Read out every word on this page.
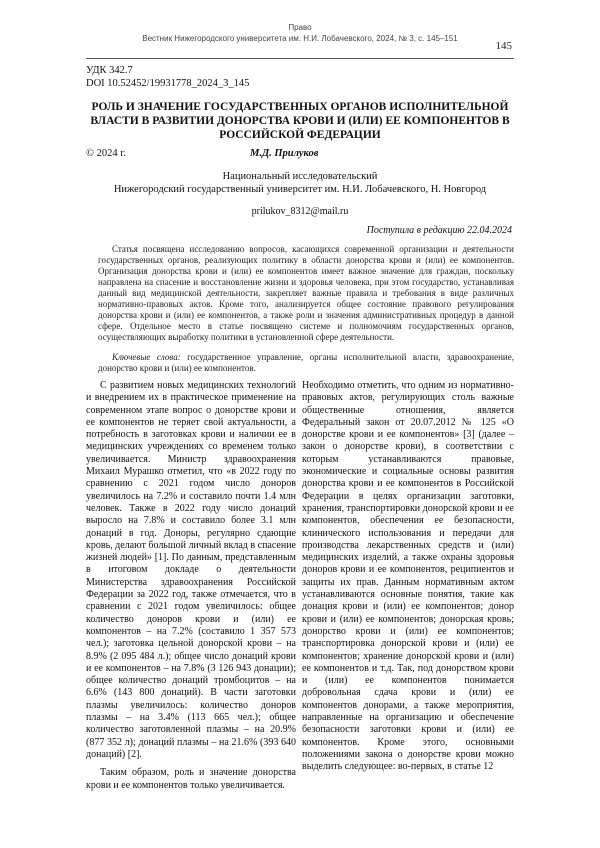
Право
Вестник Нижегородского университета им. Н.И. Лобачевского, 2024, № 3, с. 145–151
145
УДК 342.7
DOI 10.52452/19931778_2024_3_145
РОЛЬ И ЗНАЧЕНИЕ ГОСУДАРСТВЕННЫХ ОРГАНОВ ИСПОЛНИТЕЛЬНОЙ ВЛАСТИ В РАЗВИТИИ ДОНОРСТВА КРОВИ И (ИЛИ) ЕЕ КОМПОНЕНТОВ В РОССИЙСКОЙ ФЕДЕРАЦИИ
© 2024 г.	М.Д. Прилуков
Национальный исследовательский
Нижегородский государственный университет им. Н.И. Лобачевского, Н. Новгород
prilukov_8312@mail.ru
Поступила в редакцию 22.04.2024
Статья посвящена исследованию вопросов, касающихся современной организации и деятельности государственных органов, реализующих политику в области донорства крови и (или) ее компонентов. Организация донорства крови и (или) ее компонентов имеет важное значение для граждан, поскольку направлена на спасение и восстановление жизни и здоровья человека, при этом государство, устанавливая данный вид медицинской деятельности, закрепляет важные правила и требования в виде различных нормативно-правовых актов. Кроме того, анализируется общее состояние правового регулирования донорства крови и (или) ее компонентов, а также роли и значения административных процедур в данной сфере. Отдельное место в статье посвящено системе и полномочиям государственных органов, осуществляющих выработку политики в установленной сфере деятельности.
Ключевые слова: государственное управление, органы исполнительной власти, здравоохранение, донорство крови и (или) ее компонентов.

С развитием новых медицинских технологий и внедрением их в практическое применение на современном этапе вопрос о донорстве крови и ее компонентов не теряет свой актуальности, а потребность в заготовках крови и наличии ее в медицинских учреждениях со временем только увеличивается. Министр здравоохранения Михаил Мурашко отметил, что «в 2022 году по сравнению с 2021 годом число доноров увеличилось на 7.2% и составило почти 1.4 млн человек. Также в 2022 году число донаций выросло на 7.8% и составило более 3.1 млн донаций в год. Доноры, регулярно сдающие кровь, делают большой личный вклад в спасение жизней людей» [1]. По данным, представленным в итоговом докладе о деятельности Министерства здравоохранения Российской Федерации за 2022 год, также отмечается, что в сравнении с 2021 годом увеличилось: общее количество доноров крови и (или) ее компонентов – на 7.2% (составило 1 357 573 чел.); заготовка цельной донорской крови – на 8.9% (2 095 484 л.); общее число донаций крови и ее компонентов – на 7.8% (3 126 943 донации); общее количество донаций тромбоцитов – на 6.6% (143 800 донаций). В части заготовки плазмы увеличилось: количество доноров плазмы – на 3.4% (113 665 чел.); общее количество заготовленной плазмы – на 20.9% (877 352 л); донаций плазмы – на 21.6% (393 640 донаций) [2].

Таким образом, роль и значение донорства крови и ее компонентов только увеличивается.

Необходимо отметить, что одним из нормативно-правовых актов, регулирующих столь важные общественные отношения, является Федеральный закон от 20.07.2012 № 125 «О донорстве крови и ее компонентов» [3] (далее – закон о донорстве крови), в соответствии с которым устанавливаются правовые, экономические и социальные основы развития донорства крови и ее компонентов в Российской Федерации в целях организации заготовки, хранения, транспортировки донорской крови и ее компонентов, обеспечения ее безопасности, клинического использования и передачи для производства лекарственных средств и (или) медицинских изделий, а также охраны здоровья доноров крови и ее компонентов, реципиентов и защиты их прав. Данным нормативным актом устанавливаются основные понятия, такие как донация крови и (или) ее компонентов; донор крови и (или) ее компонентов; донорская кровь; донорство крови и (или) ее компонентов; транспортировка донорской крови и (или) ее компонентов; хранение донорской крови и (или) ее компонентов и т.д. Так, под донорством крови и (или) ее компонентов понимается добровольная сдача крови и (или) ее компонентов донорами, а также мероприятия, направленные на организацию и обеспечение безопасности заготовки крови и (или) ее компонентов. Кроме этого, основными положениями закона о донорстве крови можно выделить следующее: во-первых, в статье 12
